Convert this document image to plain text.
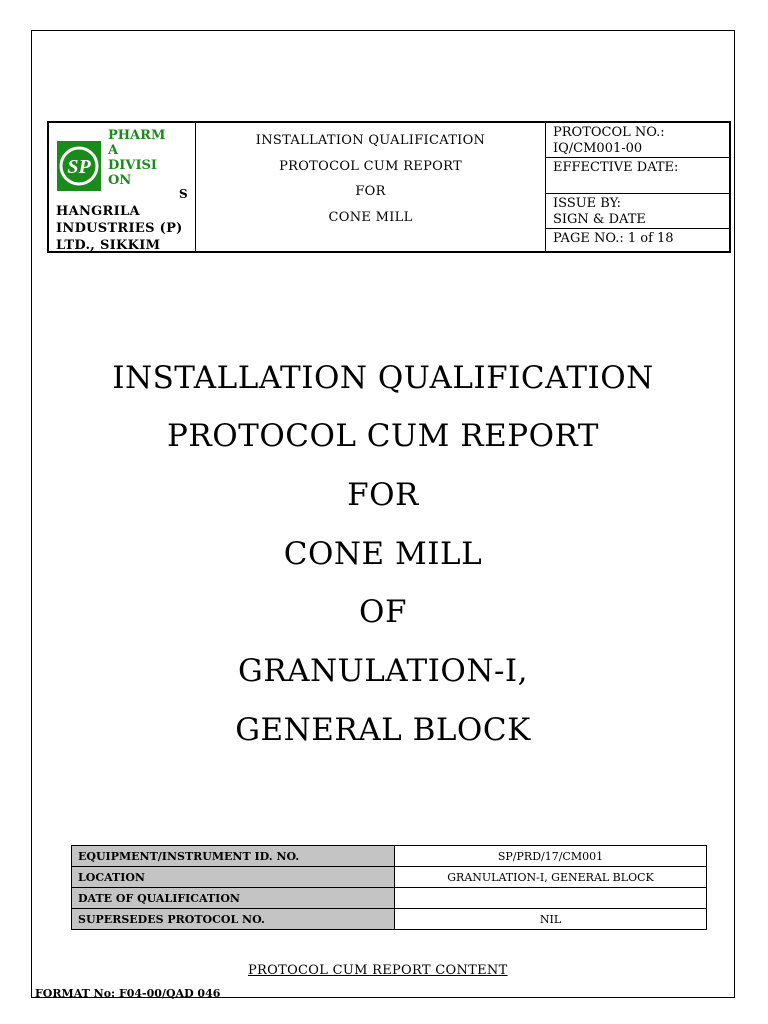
SP
PHARM
A
DIVISI
ON
S
HANGRILA
INDUSTRIES (P)
LTD., SIKKIM
INSTALLATION QUALIFICATION
PROTOCOL CUM REPORT
FOR
CONE MILL
PROTOCOL NO.:
IQ/CM001-00
EFFECTIVE DATE:
ISSUE BY:
SIGN & DATE
PAGE NO.: 1 of 18
INSTALLATION QUALIFICATION
PROTOCOL CUM REPORT
FOR
CONE MILL
OF
GRANULATION-I,
GENERAL BLOCK
EQUIPMENT/INSTRUMENT ID. NO.	SP/PRD/17/CM001
LOCATION	GRANULATION-I, GENERAL BLOCK
DATE OF QUALIFICATION	
SUPERSEDES PROTOCOL NO.	NIL
PROTOCOL CUM REPORT CONTENT
FORMAT No: F04-00/QAD 046
